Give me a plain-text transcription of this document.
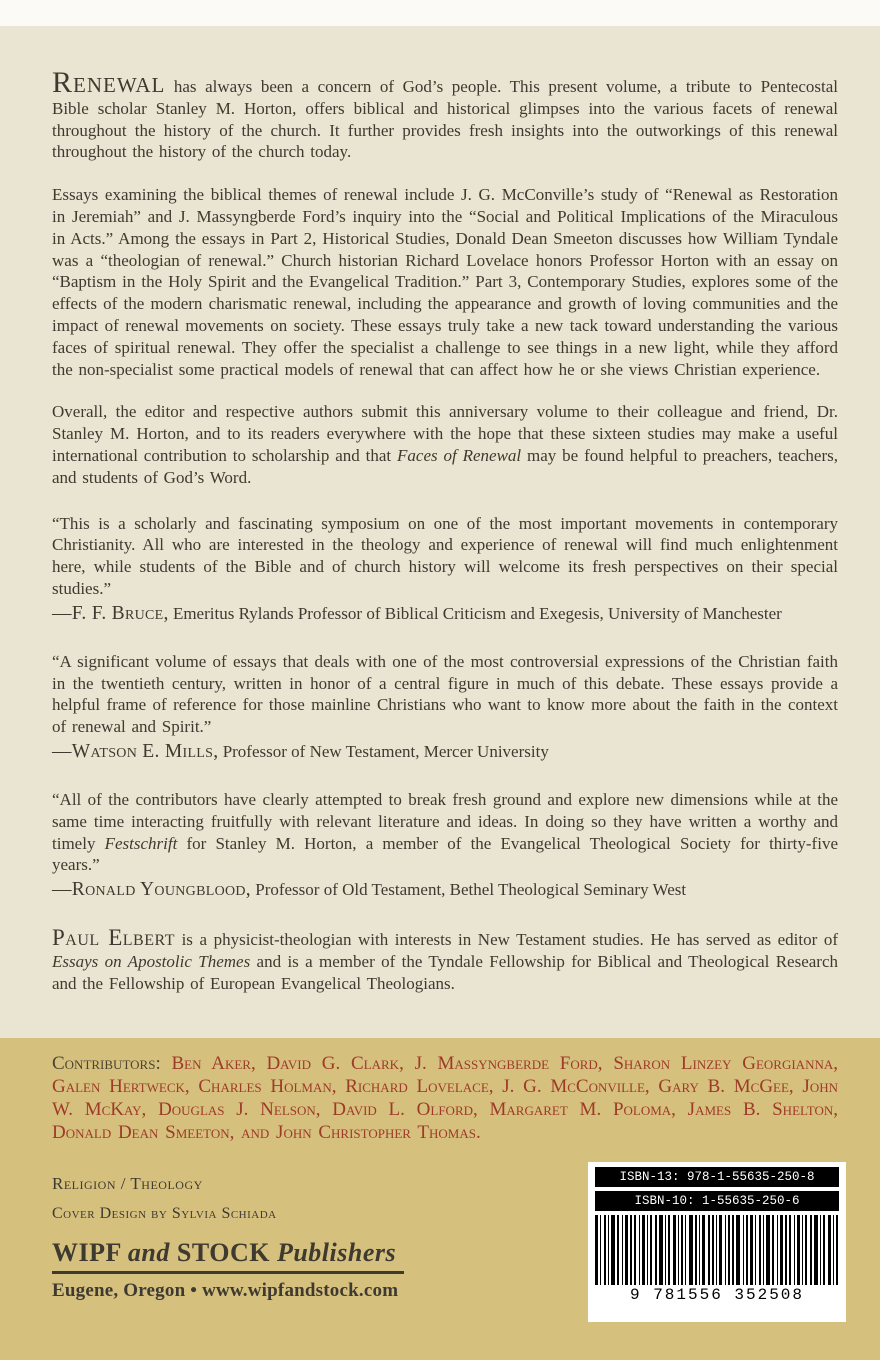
Renewal has always been a concern of God’s people. This present volume, a tribute to Pentecostal Bible scholar Stanley M. Horton, offers biblical and historical glimpses into the various facets of renewal throughout the history of the church. It further provides fresh insights into the outworkings of this renewal throughout the history of the church today.

Essays examining the biblical themes of renewal include J. G. McConville’s study of “Renewal as Restoration in Jeremiah” and J. Massyngberde Ford’s inquiry into the “Social and Political Implications of the Miraculous in Acts.” Among the essays in Part 2, Historical Studies, Donald Dean Smeeton discusses how William Tyndale was a “theologian of renewal.” Church historian Richard Lovelace honors Professor Horton with an essay on “Baptism in the Holy Spirit and the Evangelical Tradition.” Part 3, Contemporary Studies, explores some of the effects of the modern charismatic renewal, including the appearance and growth of loving communities and the impact of renewal movements on society. These essays truly take a new tack toward understanding the various faces of spiritual renewal. They offer the specialist a challenge to see things in a new light, while they afford the non-specialist some practical models of renewal that can affect how he or she views Christian experience.

Overall, the editor and respective authors submit this anniversary volume to their colleague and friend, Dr. Stanley M. Horton, and to its readers everywhere with the hope that these sixteen studies may make a useful international contribution to scholarship and that Faces of Renewal may be found helpful to preachers, teachers, and students of God’s Word.

“This is a scholarly and fascinating symposium on one of the most important movements in contemporary Christianity. All who are interested in the theology and experience of renewal will find much enlightenment here, while students of the Bible and of church history will welcome its fresh perspectives on their special studies.”

—F. F. Bruce, Emeritus Rylands Professor of Biblical Criticism and Exegesis, University of Manchester

“A significant volume of essays that deals with one of the most controversial expressions of the Christian faith in the twentieth century, written in honor of a central figure in much of this debate. These essays provide a helpful frame of reference for those mainline Christians who want to know more about the faith in the context of renewal and Spirit.”

—Watson E. Mills, Professor of New Testament, Mercer University

“All of the contributors have clearly attempted to break fresh ground and explore new dimensions while at the same time interacting fruitfully with relevant literature and ideas. In doing so they have written a worthy and timely Festschrift for Stanley M. Horton, a member of the Evangelical Theological Society for thirty-five years.”

—Ronald Youngblood, Professor of Old Testament, Bethel Theological Seminary West

Paul Elbert is a physicist-theologian with interests in New Testament studies. He has served as editor of Essays on Apostolic Themes and is a member of the Tyndale Fellowship for Biblical and Theological Research and the Fellowship of European Evangelical Theologians.

Contributors: Ben Aker, David G. Clark, J. Massyngberde Ford, Sharon Linzey Georgianna, Galen Hertweck, Charles Holman, Richard Lovelace, J. G. McConville, Gary B. McGee, John W. McKay, Douglas J. Nelson, David L. Olford, Margaret M. Poloma, James B. Shelton, Donald Dean Smeeton, and John Christopher Thomas.

Religion / Theology

Cover Design by Sylvia Schiada

WIPF and STOCK Publishers

Eugene, Oregon • www.wipfandstock.com

ISBN-13: 978-1-55635-250-8
ISBN-10: 1-55635-250-6
9 781556 352508
